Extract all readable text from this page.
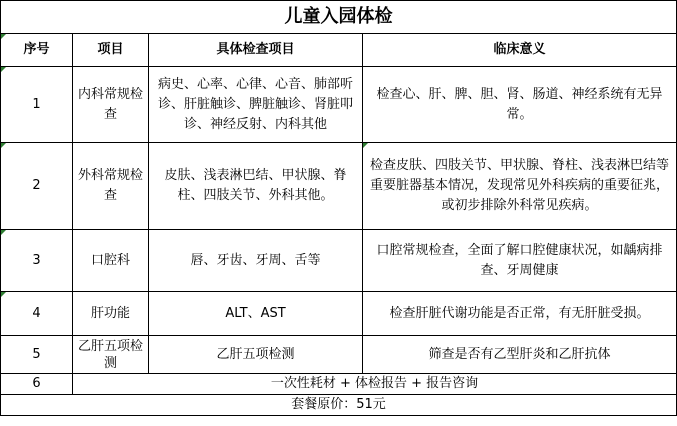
儿童入园体检			
序号	项目	具体检查项目	临床意义
1	内科常规检查	病史、心率、心律、心音、肺部听诊、肝脏触诊、脾脏触诊、肾脏叩诊、神经反射、内科其他	检查心、肝、脾、胆、肾、肠道、神经系统有无异常。
2	外科常规检查	皮肤、浅表淋巴结、甲状腺、脊柱、四肢关节、外科其他。	检查皮肤、四肢关节、甲状腺、脊柱、浅表淋巴结等重要脏器基本情况，发现常见外科疾病的重要征兆，或初步排除外科常见疾病。
3	口腔科	唇、牙齿、牙周、舌等	口腔常规检查，全面了解口腔健康状况，如龋病排查、牙周健康
4	肝功能	ALT、AST	检查肝脏代谢功能是否正常，有无肝脏受损。
5	乙肝五项检测	乙肝五项检测	筛查是否有乙型肝炎和乙肝抗体
6	一次性耗材 + 体检报告 + 报告咨询		
套餐原价：51元			
